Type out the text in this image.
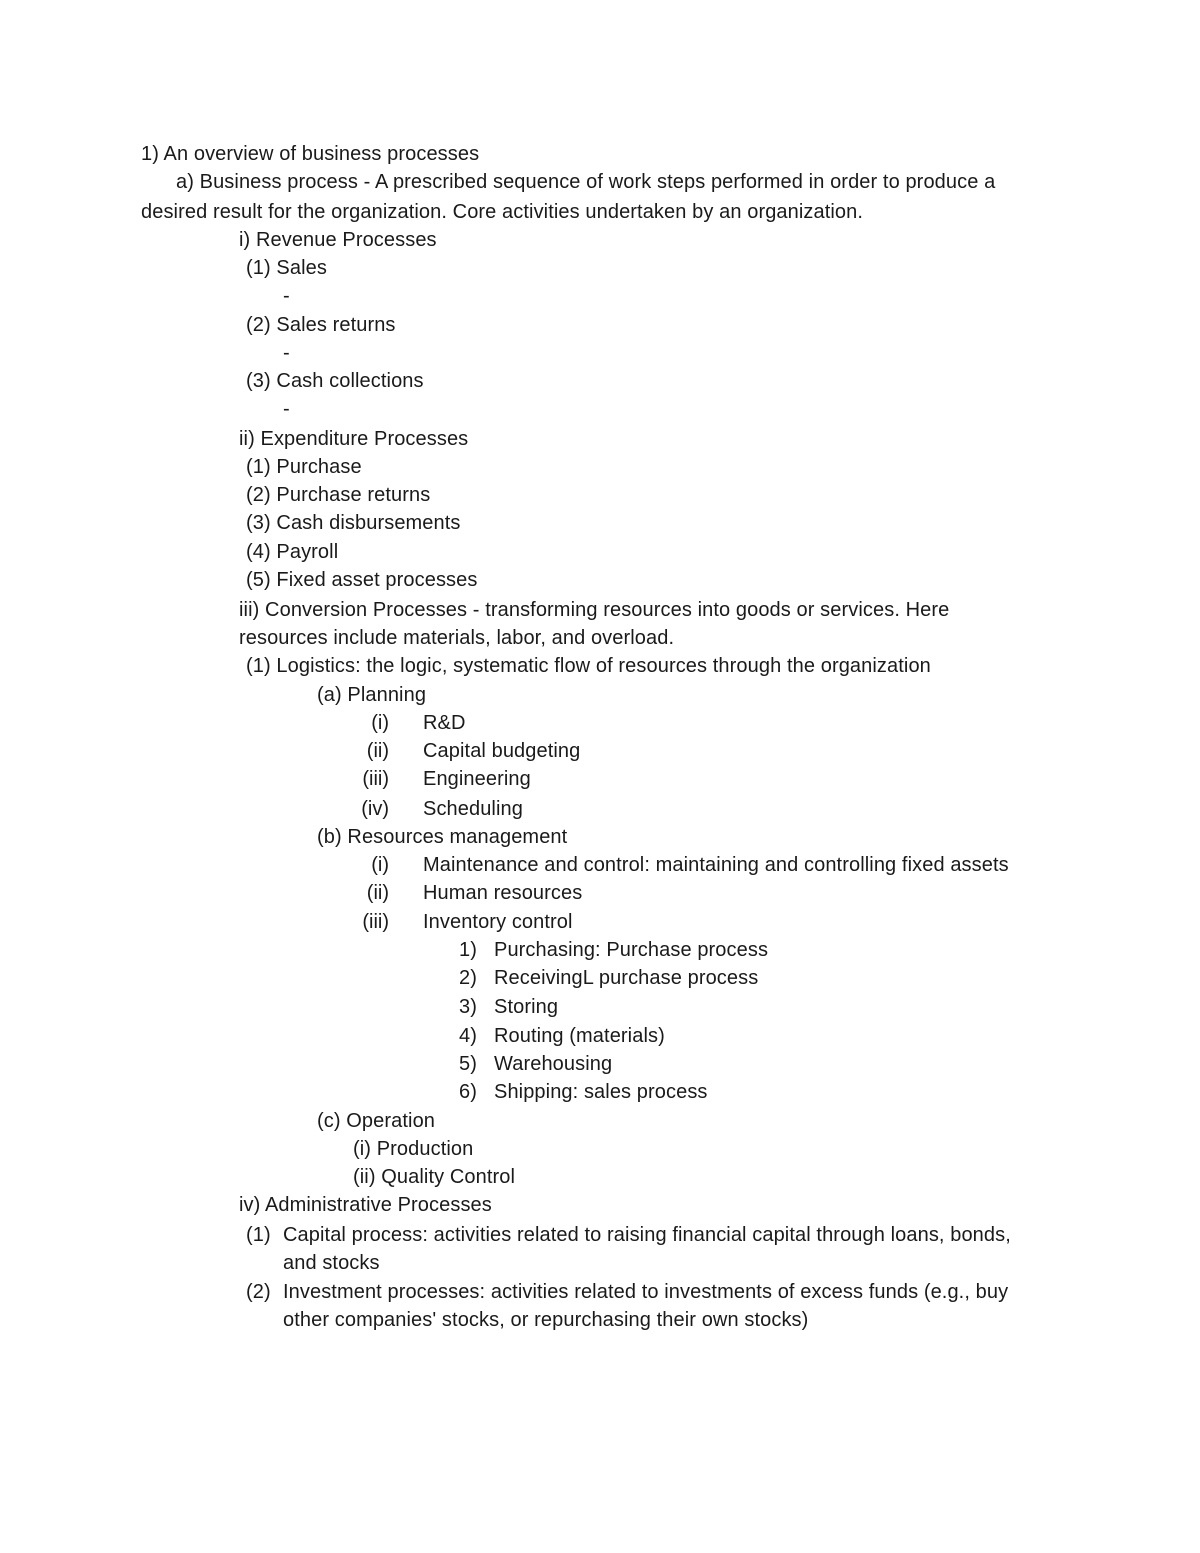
1) An overview of business processes
a) Business process - A prescribed sequence of work steps performed in order to produce a
desired result for the organization. Core activities undertaken by an organization.
i) Revenue Processes
(1) Sales
-
(2) Sales returns
-
(3) Cash collections
-
ii) Expenditure Processes
(1) Purchase
(2) Purchase returns
(3) Cash disbursements
(4) Payroll
(5) Fixed asset processes
iii) Conversion Processes - transforming resources into goods or services. Here
resources include materials, labor, and overload.
(1) Logistics: the logic, systematic flow of resources through the organization
(a) Planning
(i) R&D
(ii) Capital budgeting
(iii) Engineering
(iv) Scheduling
(b) Resources management
(i) Maintenance and control: maintaining and controlling fixed assets
(ii) Human resources
(iii) Inventory control
1) Purchasing: Purchase process
2) ReceivingL purchase process
3) Storing
4) Routing (materials)
5) Warehousing
6) Shipping: sales process
(c) Operation
(i) Production
(ii) Quality Control
iv) Administrative Processes
(1) Capital process: activities related to raising financial capital through loans, bonds,
and stocks
(2) Investment processes: activities related to investments of excess funds (e.g., buy
other companies' stocks, or repurchasing their own stocks)
